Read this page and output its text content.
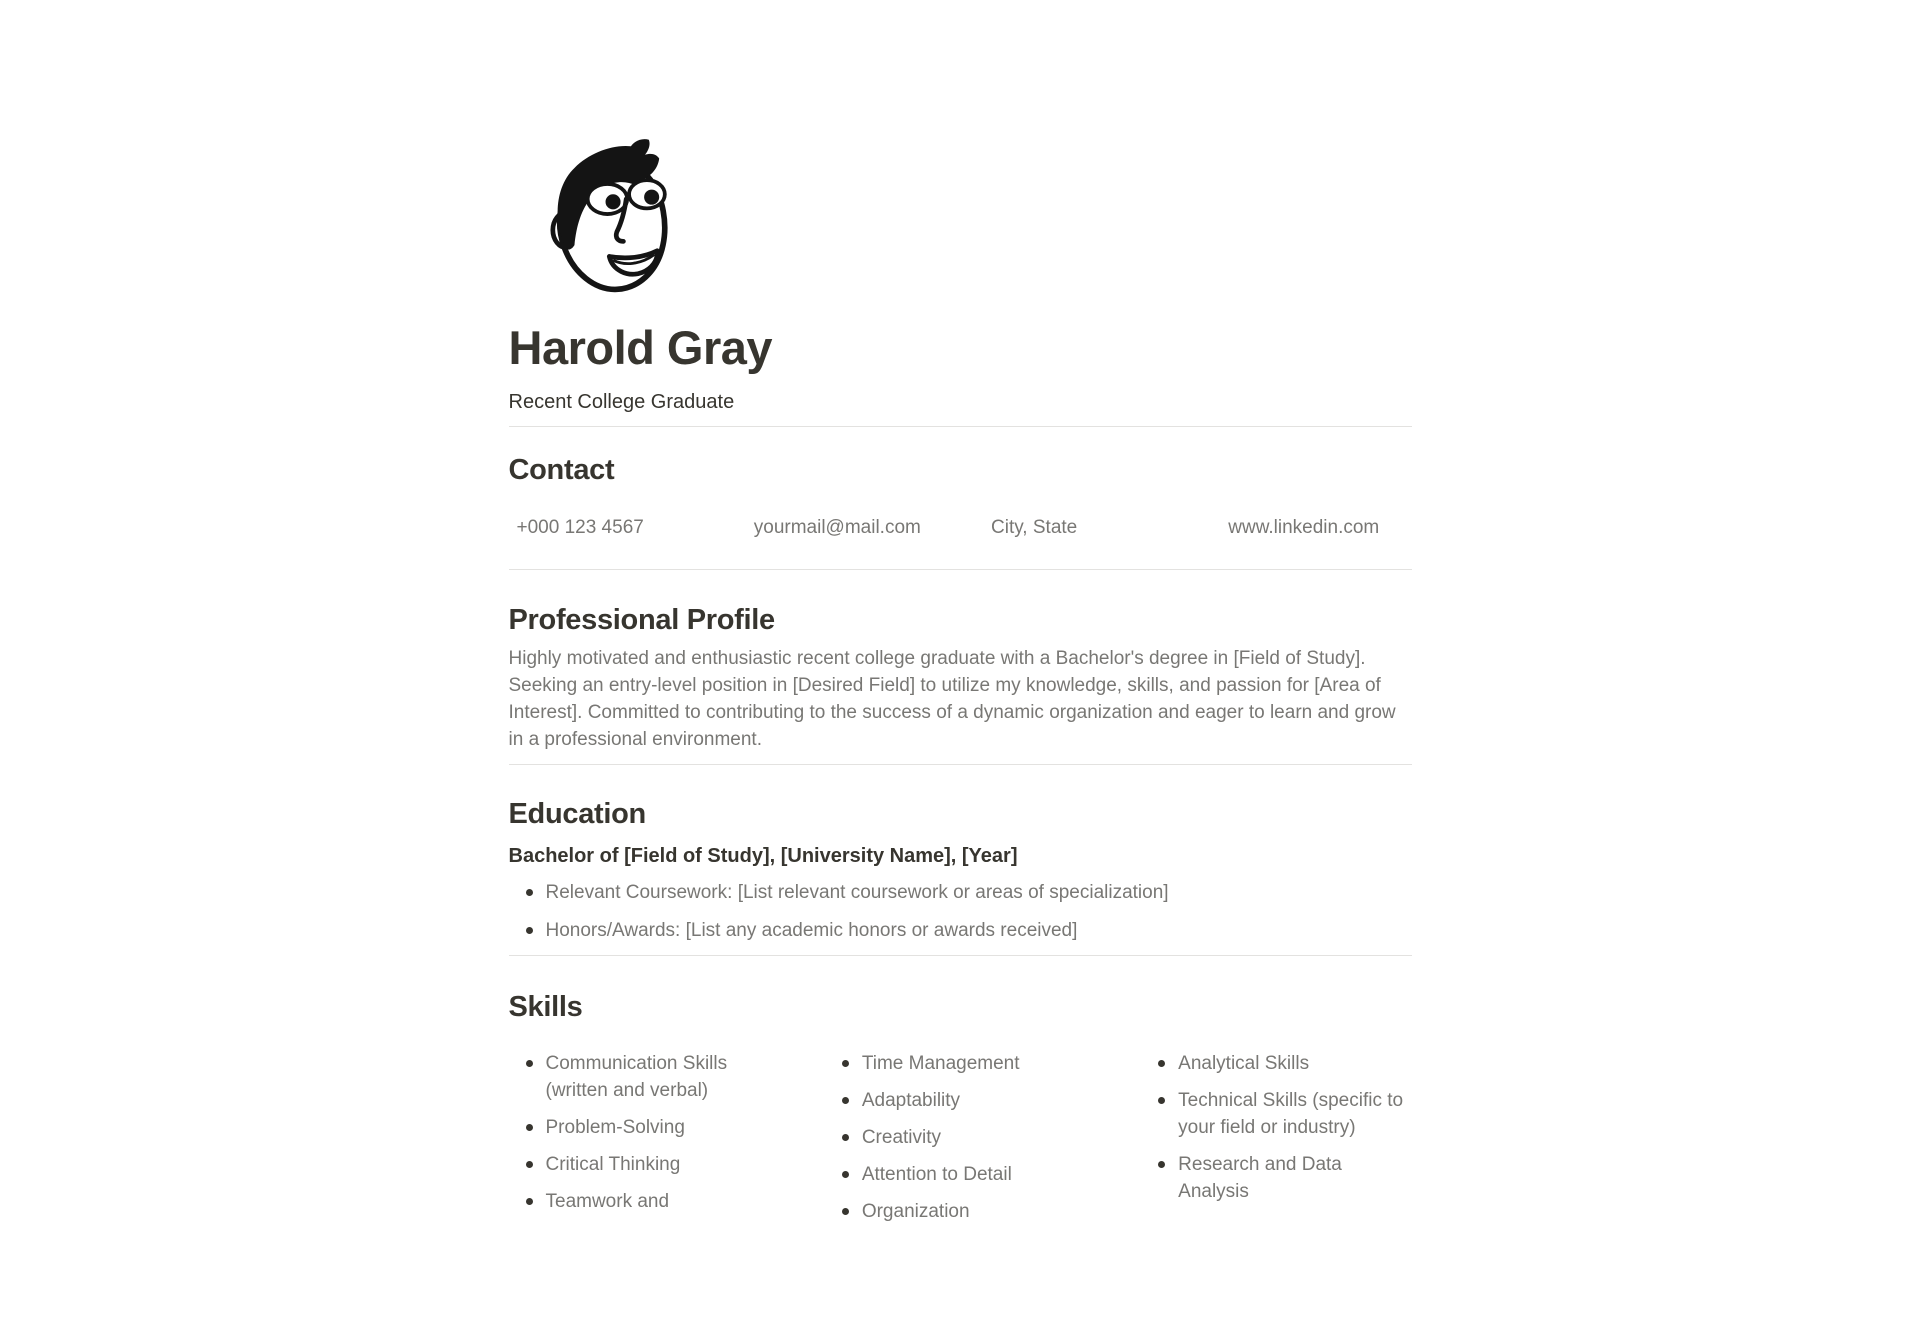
Harold Gray
Recent College Graduate
Contact
+000 123 4567	yourmail@mail.com	City, State	www.linkedin.com
Professional Profile

Highly motivated and enthusiastic recent college graduate with a Bachelor's degree in [Field of Study]. Seeking an entry-level position in [Desired Field] to utilize my knowledge, skills, and passion for [Area of Interest]. Committed to contributing to the success of a dynamic organization and eager to learn and grow in a professional environment.

Education
Bachelor of [Field of Study], [University Name], [Year]
Relevant Coursework: [List relevant coursework or areas of specialization]
Honors/Awards: [List any academic honors or awards received]
Skills
Communication Skills (written and verbal)
Problem-Solving
Critical Thinking
Teamwork and
Time Management
Adaptability
Creativity
Attention to Detail
Organization
Analytical Skills
Technical Skills (specific to your field or industry)
Research and Data Analysis
